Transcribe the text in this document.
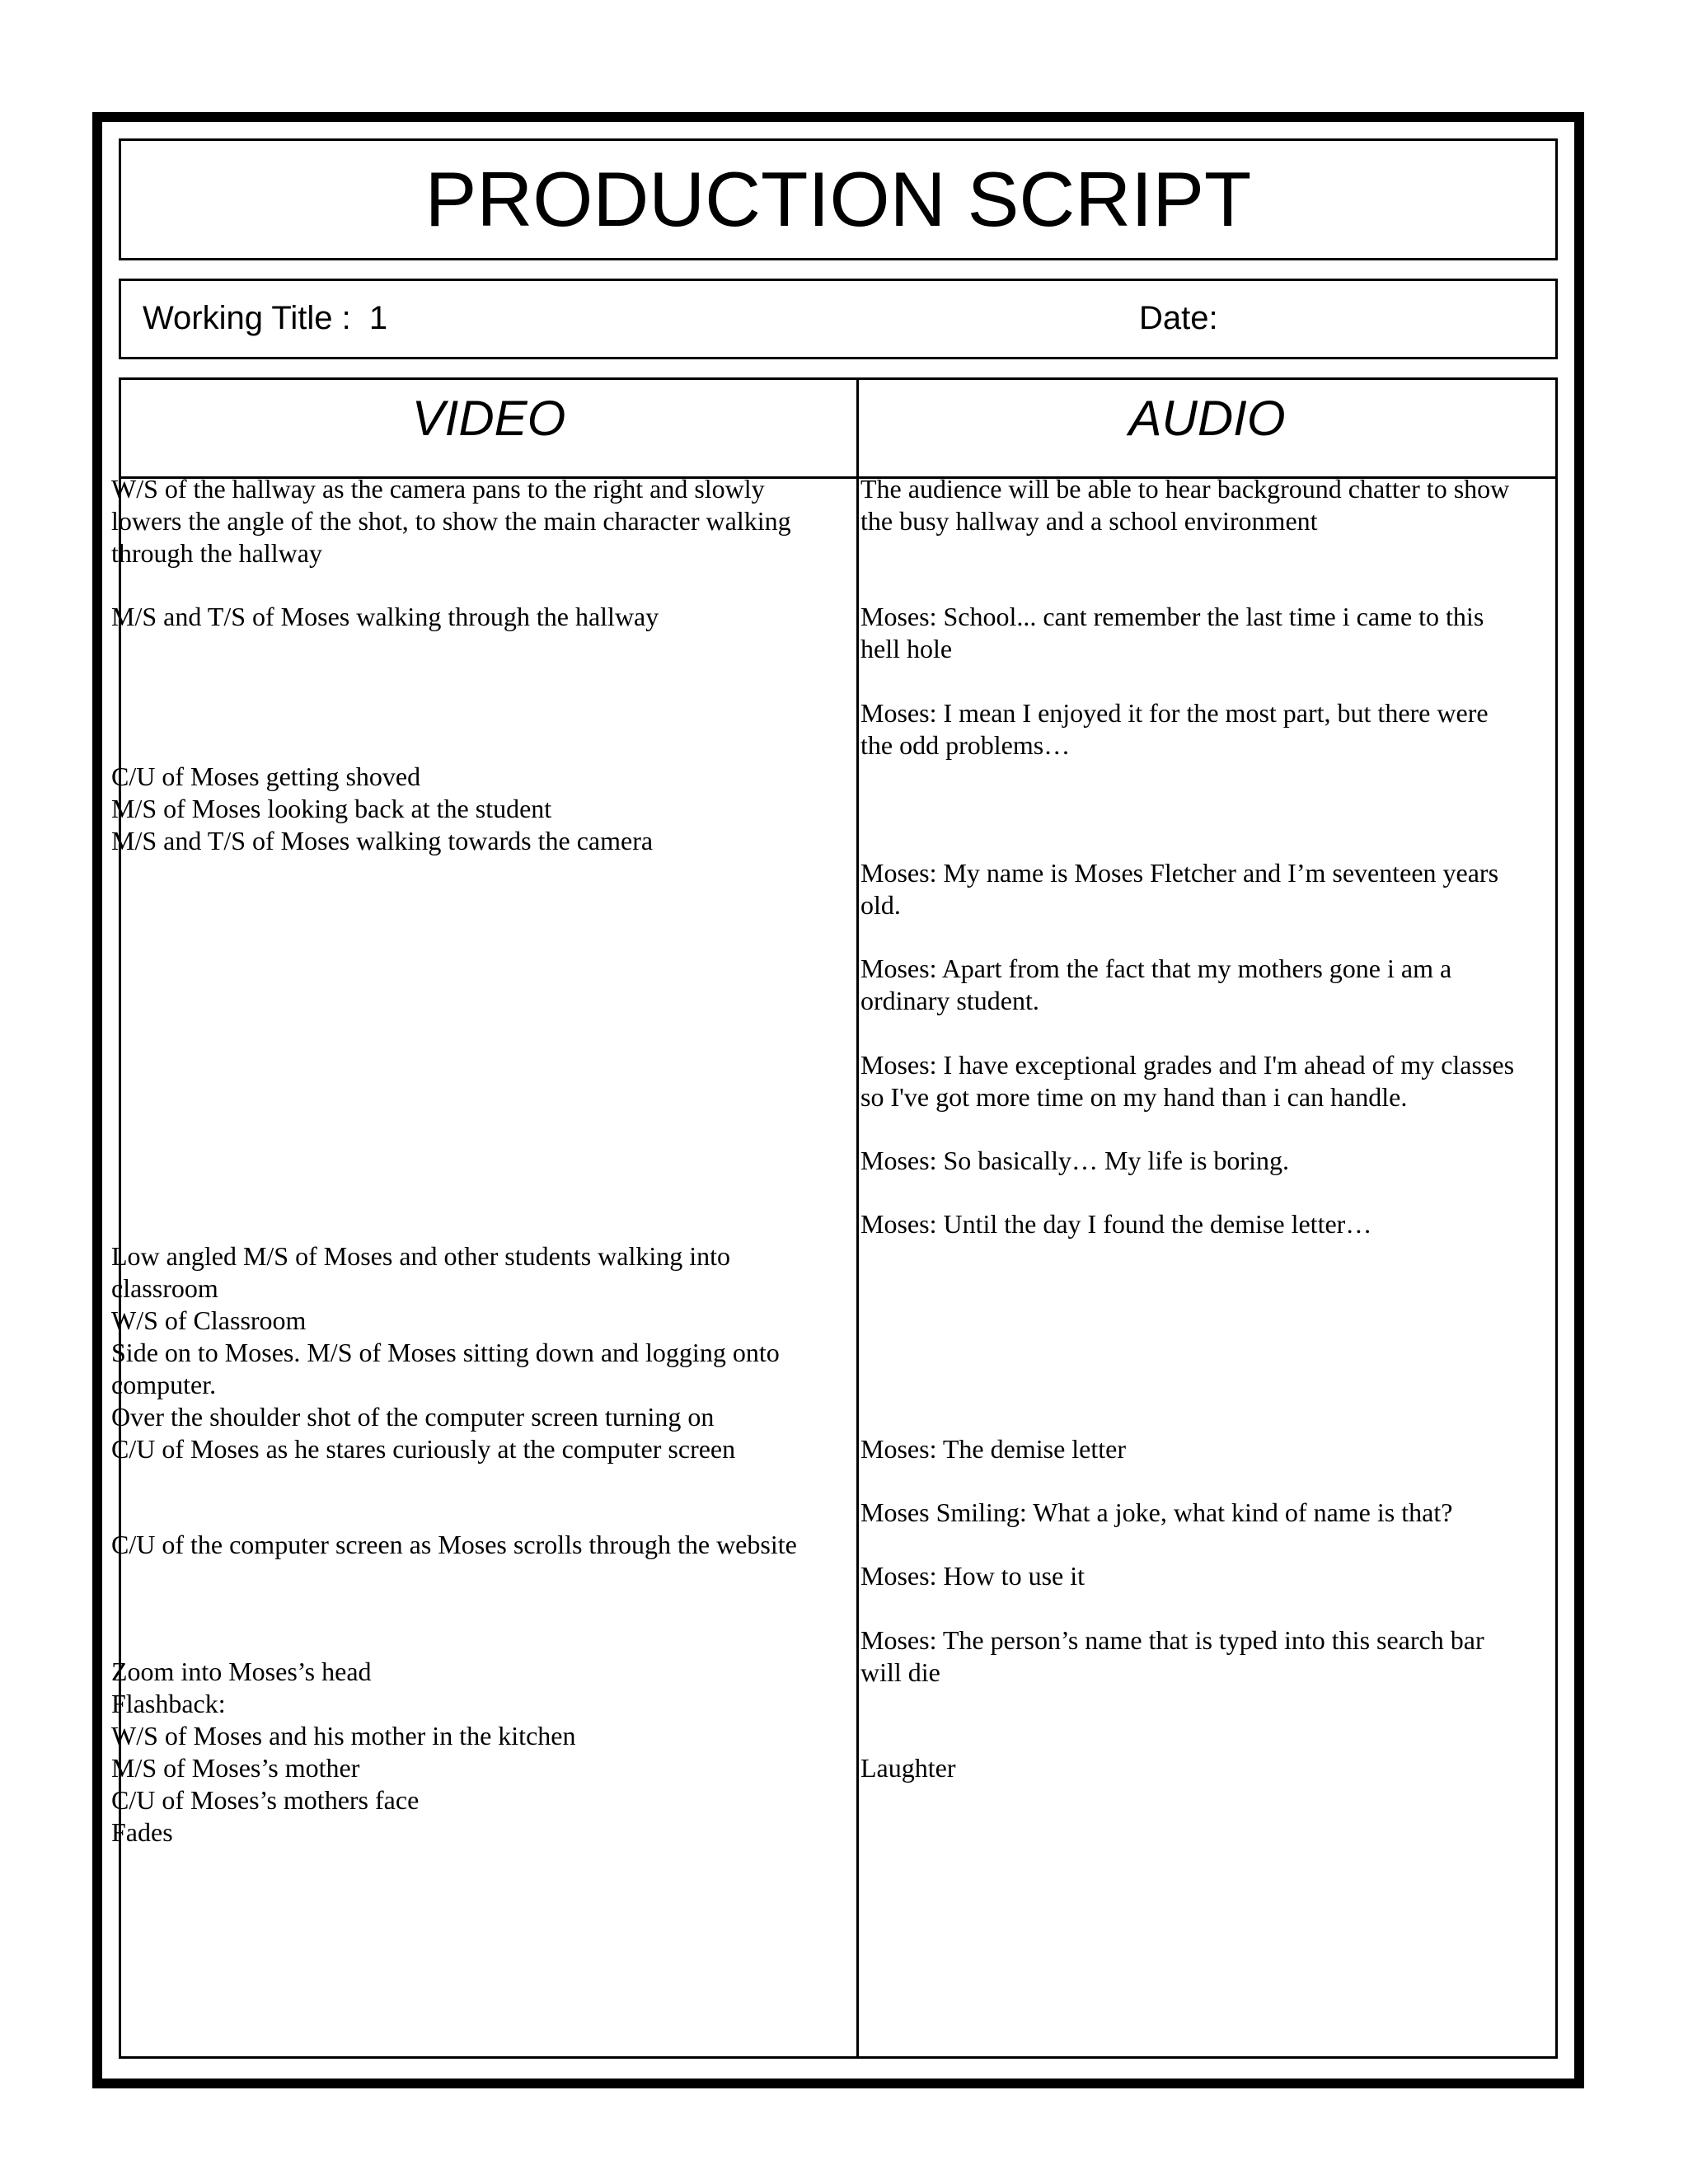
PRODUCTION SCRIPT
Working Title :  1	Date:
VIDEO	AUDIO
W/S of the hallway as the camera pans to the right and slowly
lowers the angle of the shot, to show the main character walking
through the hallway
M/S and T/S of Moses walking through the hallway
C/U of Moses getting shoved
M/S of Moses looking back at the student
M/S and T/S of Moses walking towards the camera
Low angled M/S of Moses and other students walking into
classroom
W/S of Classroom
Side on to Moses. M/S of Moses sitting down and logging onto
computer.
Over the shoulder shot of the computer screen turning on
C/U of Moses as he stares curiously at the computer screen
C/U of the computer screen as Moses scrolls through the website
Zoom into Moses’s head
Flashback:
W/S of Moses and his mother in the kitchen
M/S of Moses’s mother
C/U of Moses’s mothers face
Fades
The audience will be able to hear background chatter to show
the busy hallway and a school environment
Moses: School... cant remember the last time i came to this
hell hole
Moses: I mean I enjoyed it for the most part, but there were
the odd problems…
Moses: My name is Moses Fletcher and I’m seventeen years
old.
Moses: Apart from the fact that my mothers gone i am a
ordinary student.
Moses: I have exceptional grades and I'm ahead of my classes
so I've got more time on my hand than i can handle.
Moses: So basically… My life is boring.
Moses: Until the day I found the demise letter…
Moses: The demise letter
Moses Smiling: What a joke, what kind of name is that?
Moses: How to use it
Moses: The person’s name that is typed into this search bar
will die
Laughter
